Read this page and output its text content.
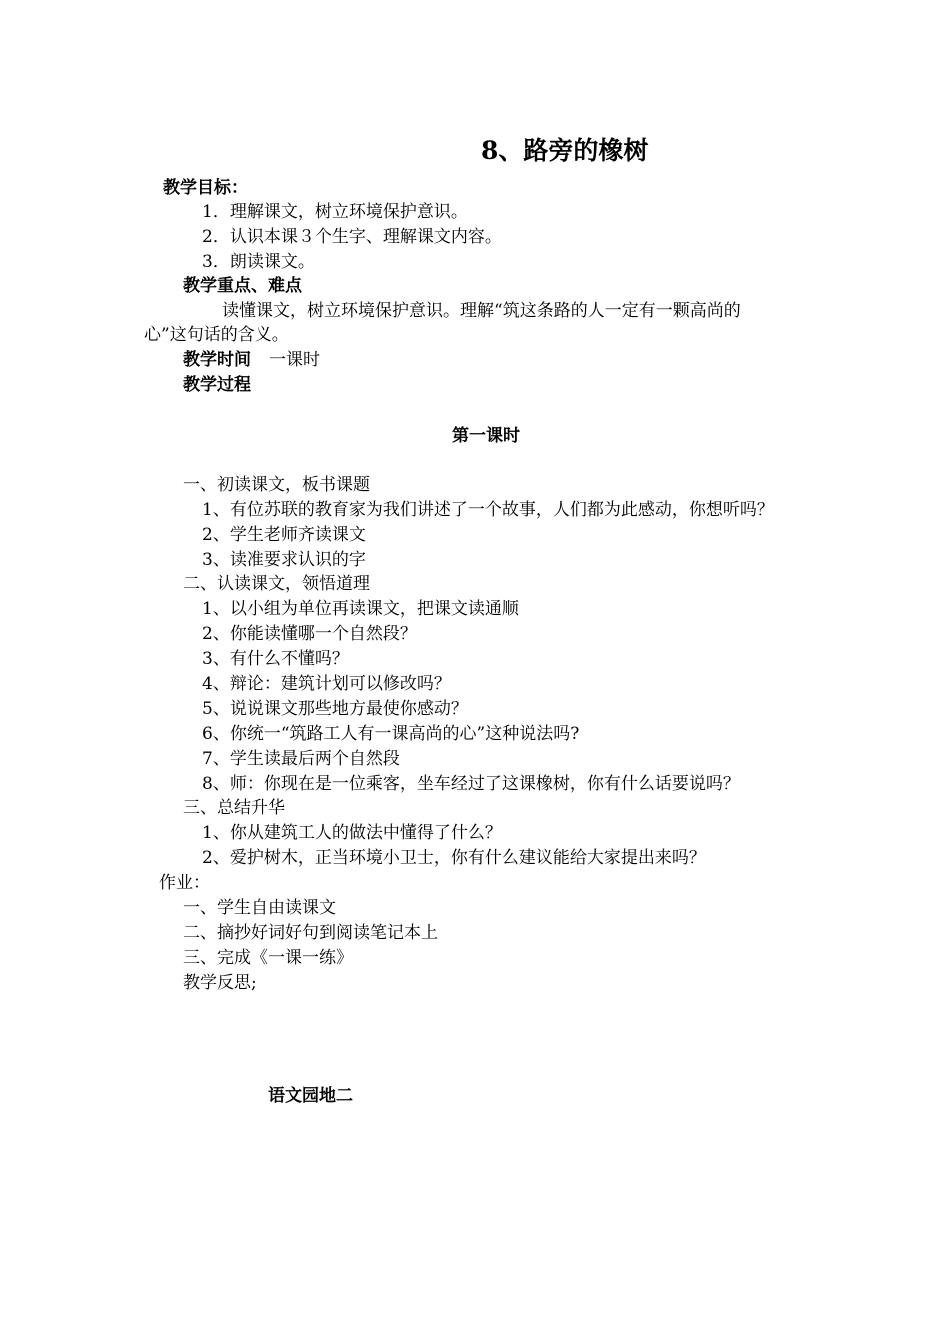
8、路旁的橡树
教学目标：
1．理解课文，树立环境保护意识。
2．认识本课３个生字、理解课文内容。
3．朗读课文。
教学重点、难点
读懂课文，树立环境保护意识。理解“筑这条路的人一定有一颗高尚的
心”这句话的含义。
教学时间 一课时
教学过程
第一课时
一、初读课文，板书课题
1、有位苏联的教育家为我们讲述了一个故事，人们都为此感动，你想听吗？
2、学生老师齐读课文
3、读准要求认识的字
二、认读课文，领悟道理
1、以小组为单位再读课文，把课文读通顺
2、你能读懂哪一个自然段？
3、有什么不懂吗？
4、辩论：建筑计划可以修改吗？
5、说说课文那些地方最使你感动？
6、你统一“筑路工人有一课高尚的心”这种说法吗?
7、学生读最后两个自然段
8、师：你现在是一位乘客，坐车经过了这课橡树，你有什么话要说吗？
三、总结升华
1、你从建筑工人的做法中懂得了什么？
2、爱护树木，正当环境小卫士，你有什么建议能给大家提出来吗？
作业：
一、学生自由读课文
二、摘抄好词好句到阅读笔记本上
三、完成《一课一练》
教学反思;
语文园地二
